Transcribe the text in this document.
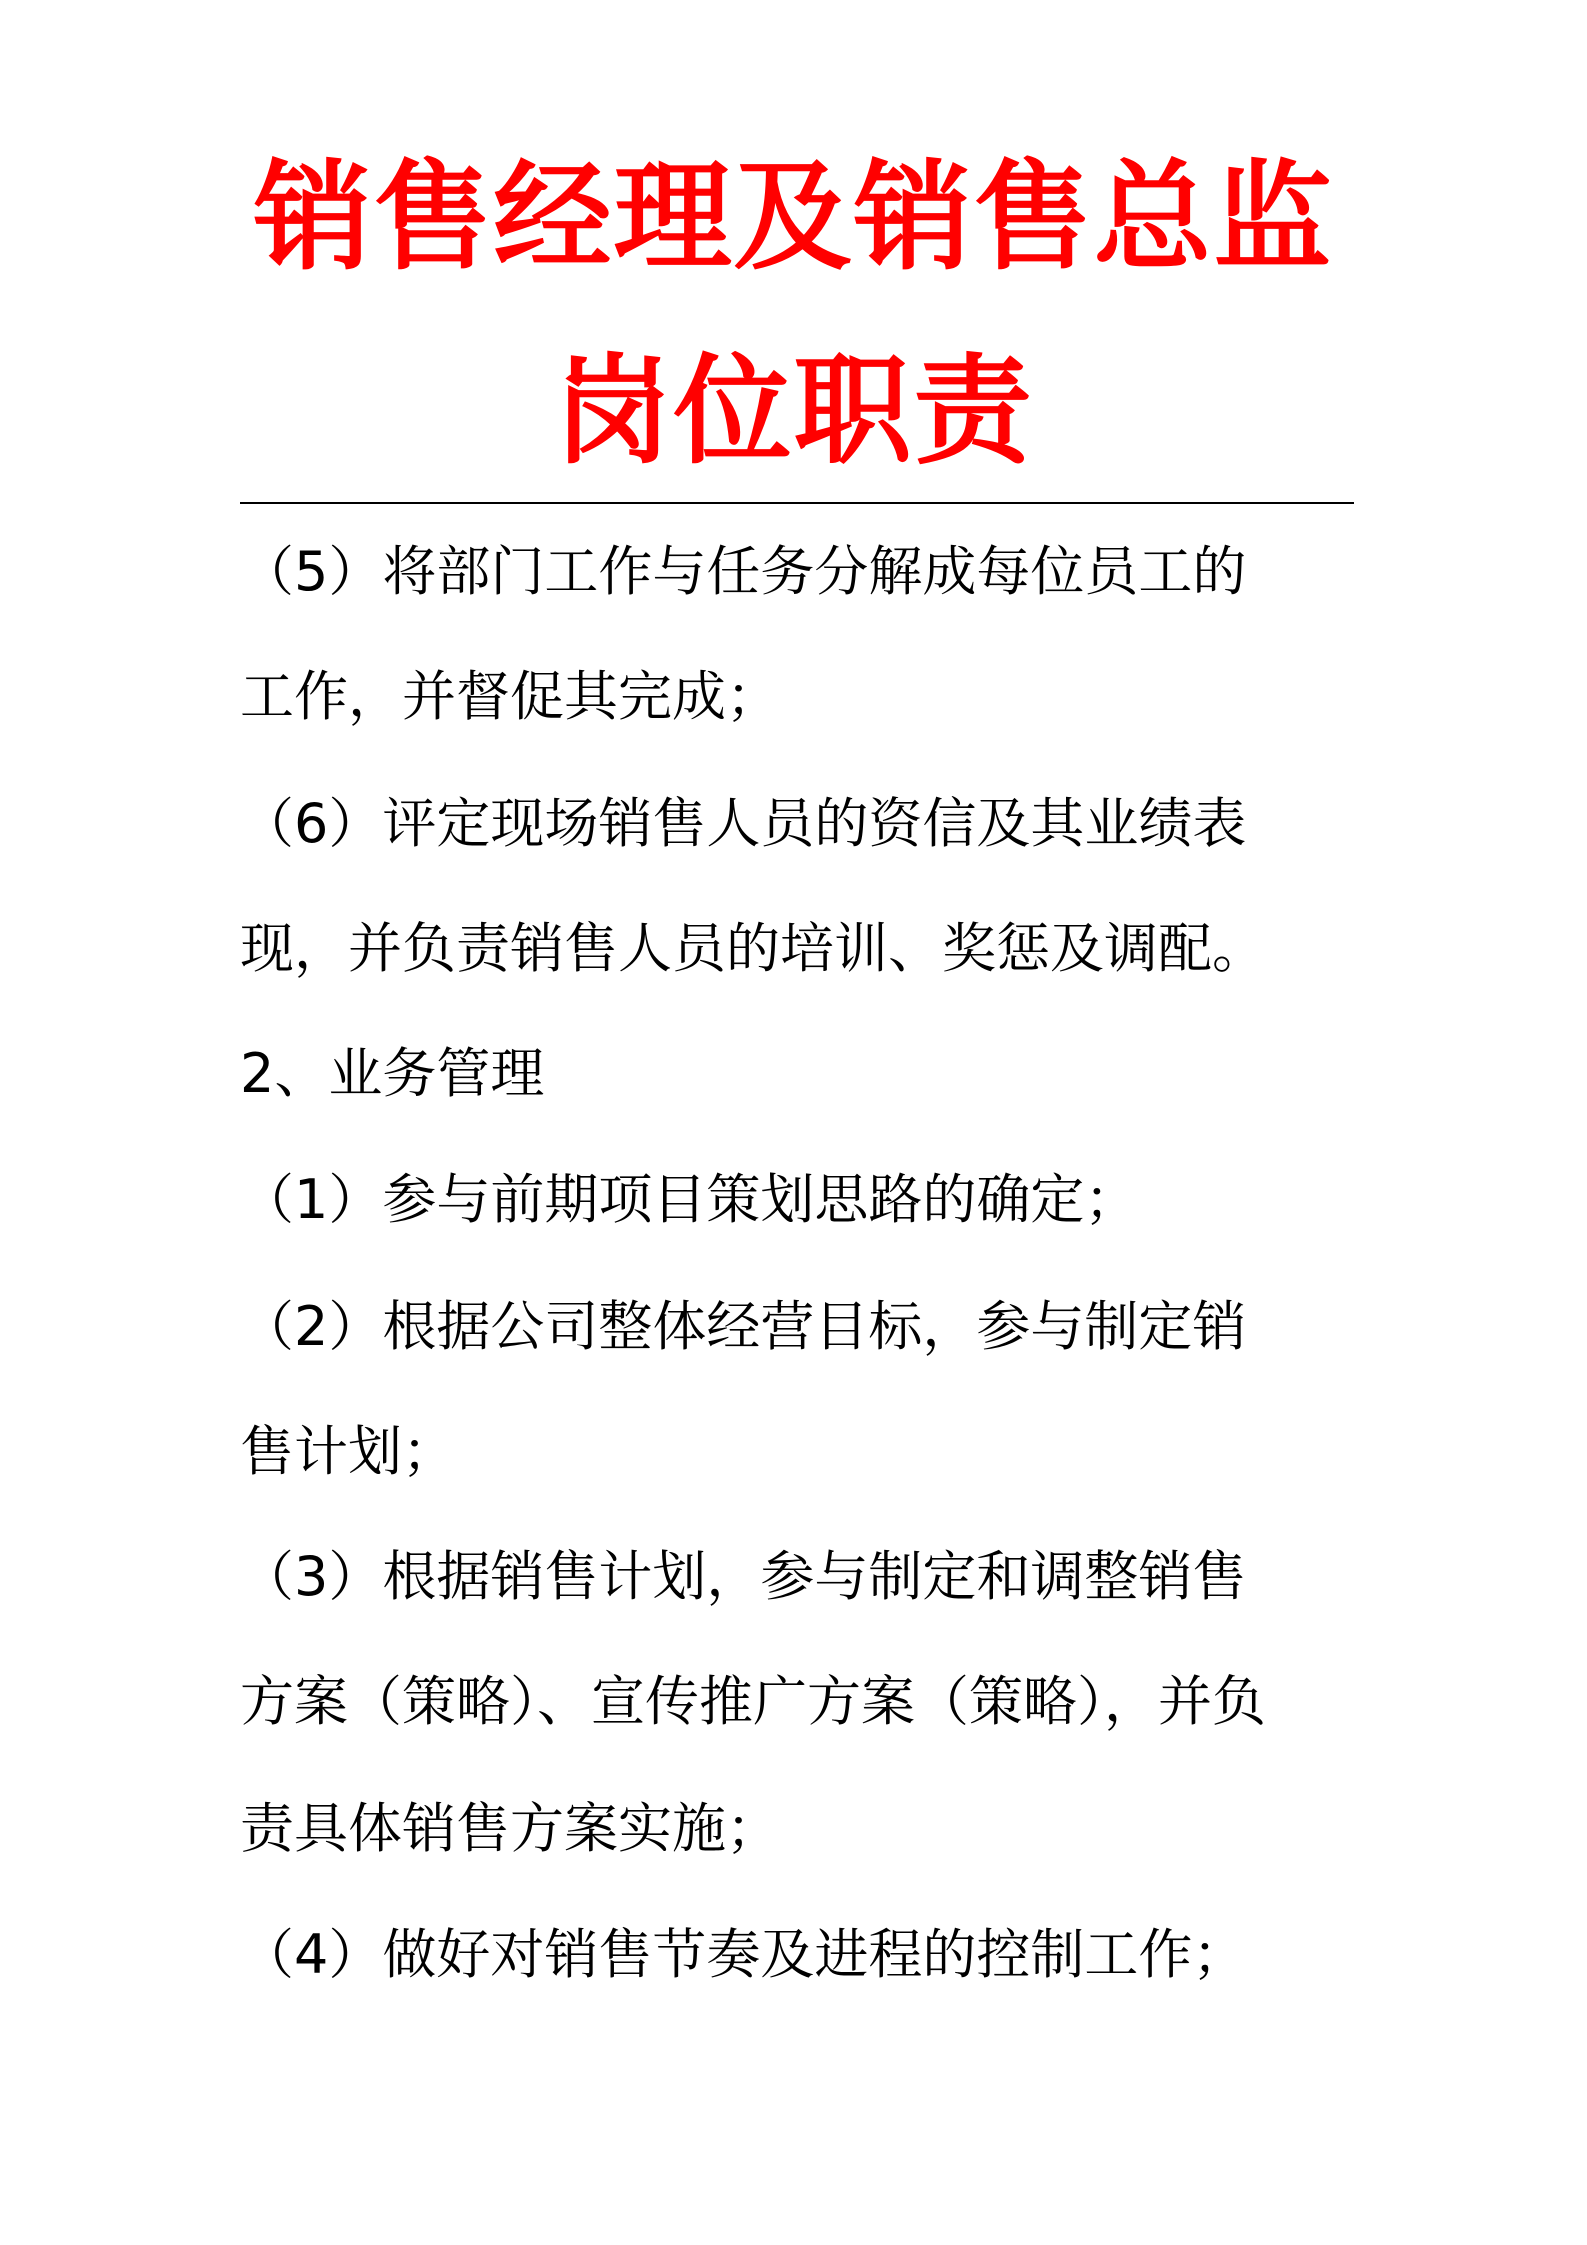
销售经理及销售总监
岗位职责
（5）将部门工作与任务分解成每位员工的
工作，并督促其完成；
（6）评定现场销售人员的资信及其业绩表
现，并负责销售人员的培训、奖惩及调配。
2、业务管理
（1）参与前期项目策划思路的确定；
（2）根据公司整体经营目标，参与制定销
售计划；
（3）根据销售计划，参与制定和调整销售
方案（策略）、宣传推广方案（策略），并负
责具体销售方案实施；
（4）做好对销售节奏及进程的控制工作；
